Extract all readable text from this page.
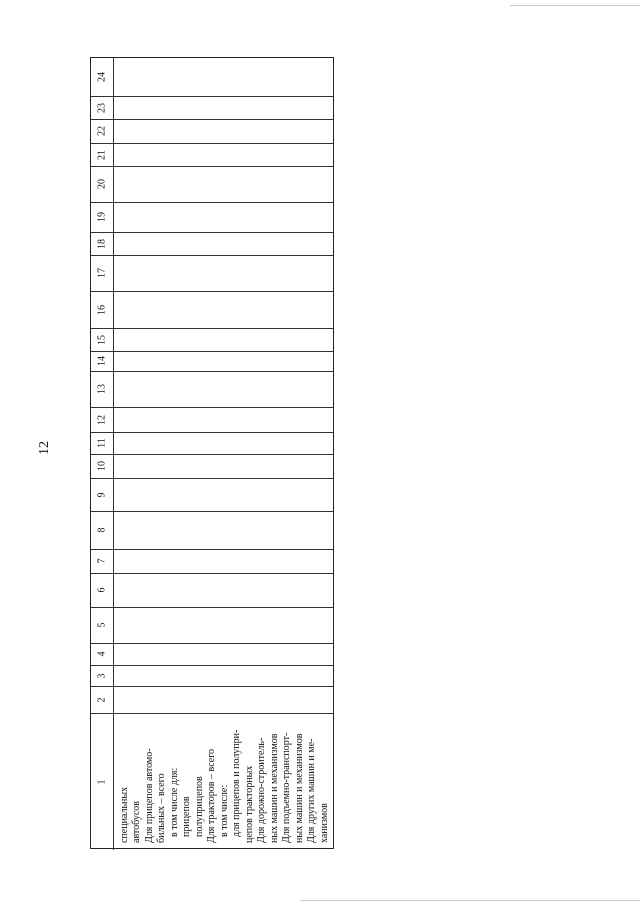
12
24
23
22
21
20
19
18
17
16
15
14
13
12
11
10
9
8
7
6
5
4
3
2
1
специальных автобусов Для прицепов автомо- бильных – всего в том числе для: прицепов полуприцепов Для тракторов – всего в том числе: для прицепов и полупри- цепов тракторных Для дорожно-строитель- ных машин и механизмов Для подъемно-транспорт- ных машин и механизмов Для других машин и ме- ханизмов
